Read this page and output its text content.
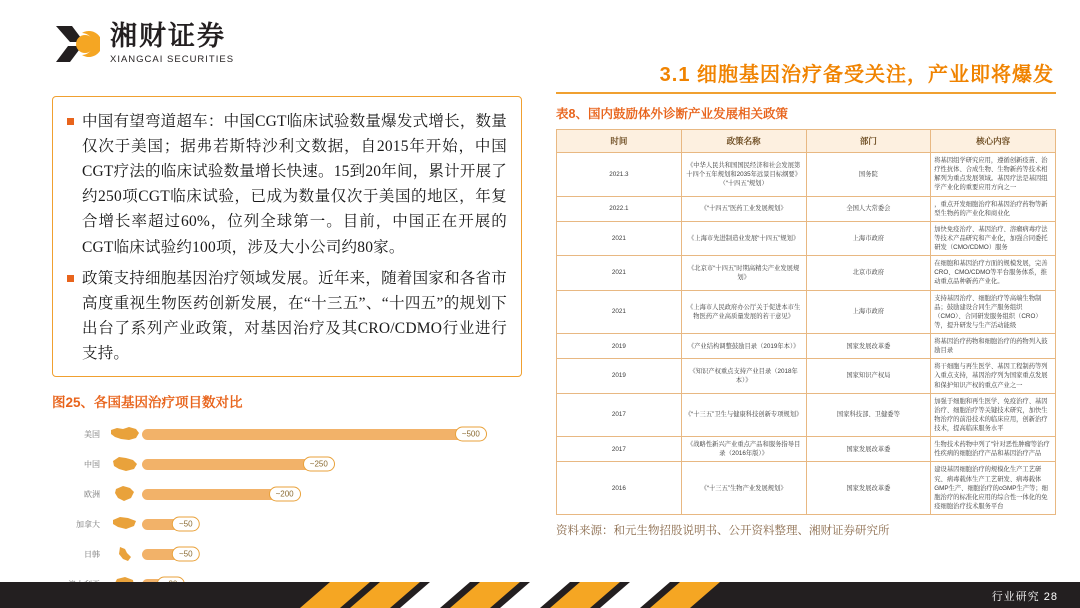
湘财证券
XIANGCAI SECURITIES
3.1 细胞基因治疗备受关注，产业即将爆发

中国有望弯道超车：中国CGT临床试验数量爆发式增长，数量仅次于美国；据弗若斯特沙利文数据，自2015年开始，中国CGT疗法的临床试验数量增长快速。15到20年间，累计开展了约250项CGT临床试验，已成为数量仅次于美国的地区，年复合增长率超过60%，位列全球第一。目前，中国正在开展的CGT临床试验约100项，涉及大小公司约80家。

政策支持细胞基因治疗领域发展。近年来，随着国家和各省市高度重视生物医药创新发展，在“十三五”、“十四五”的规划下出台了系列产业政策，对基因治疗及其CRO/CDMO行业进行支持。

图25、各国基因治疗项目数对比
美国	~500
中国	~250
欧洲	~200
加拿大	~50
日韩	~50
表8、国内鼓励体外诊断产业发展相关政策
时间	政策名称	部门	核心内容
2021.3	《中华人民共和国国民经济和社会发展第十四个五年规划和2035年远景目标纲要》（“十四五”规划）	国务院	将基因组学研究应用，遵循创新疫苗、治疗性抗体、合成生物、生物新药等技术相解列为重点发展领域。基因疗法是基因组学产业化的重要应用方向之一
2022.1	《“十四五”医药工业发展规划》	全国人大常委会	，重点开发细胞治疗和基因治疗药物等新型生物药的产业化和商业化
2021	《上海市先进制造业发展“十四五”规划》	上海市政府	加快免疫治疗、基因治疗、溶瘤病毒疗法等技术产品研究和产业化，加强合同委托研发（CMO/CDMO）服务
2021	《北京市“十四五”时期高精尖产业发展规划》	北京市政府	在细胞和基因治疗方面的规模发展，完善CRO、CMO/CDMO等平台服务体系，推动重点品种新药产业化。
2021	《上海市人民政府办公厅关于促进本市生物医药产业高质量发展的若干意见》	上海市政府	支持基因治疗、细胞治疗等高端生物制品；鼓励建设合同生产服务组织（CMO）、合同研发服务组织（CRO）等，提升研发与生产活动能级
2019	《产业结构调整鼓励目录（2019年本）》	国家发展改革委	将基因治疗药物和细胞治疗的药物列入鼓励目录
2019	《知识产权重点支持产业目录（2018年本）》	国家知识产权局	将干细胞与再生医学、基因工程制药等列入重点支持，基因治疗列为国家重点发展和保护知识产权的重点产业之一
2017	《“十三五”卫生与健康科技创新专项规划》	国家科技部、卫健委等	加强于细胞和再生医学、免疫治疗、基因治疗、细胞治疗等关键技术研究，加快生物治疗的前沿技术的临床应用，创新治疗技术，提高临床服务水平
2017	《战略性新兴产业重点产品和服务指导目录（2016年版）》	国家发展改革委	生物技术药物中列了“针对恶性肿瘤等治疗性疾病的细胞治疗产品和基因治疗产品
2016	《“十三五”生物产业发展规划》	国家发展改革委	建设基因细胞治疗的规模化生产工艺研究、病毒载体生产工艺研发、病毒载体GMP生产、细胞治疗的cGMP生产等；细胞治疗的标准化应用的综合性一体化的免疫细胞治疗技术服务平台
资料来源：和元生物招股说明书、公开资料整理、湘财证券研究所
行业研究 28
